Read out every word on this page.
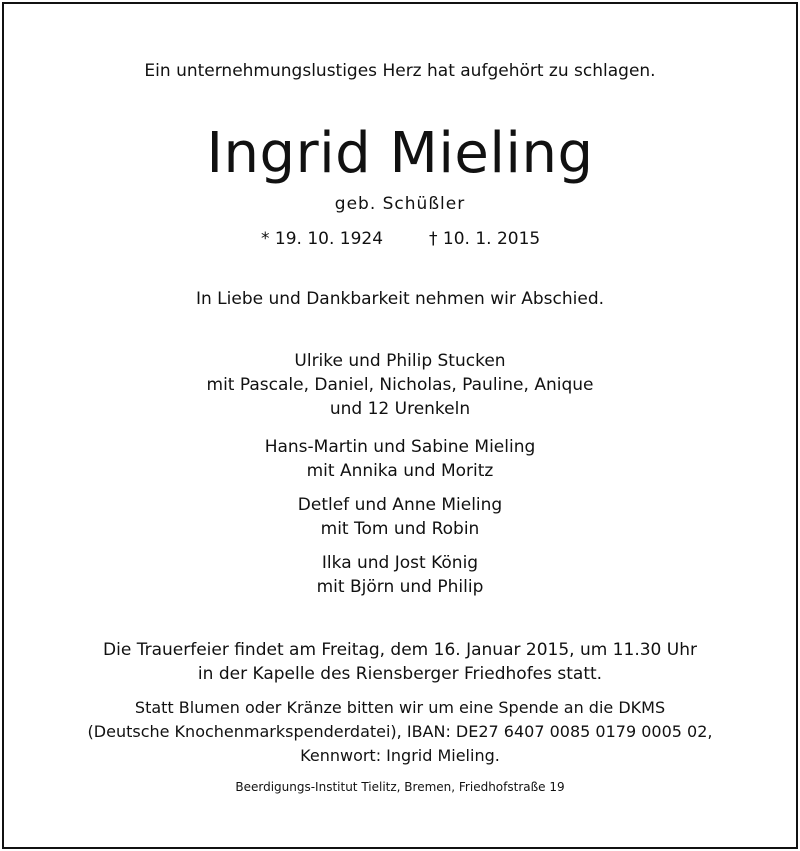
Ein unternehmungslustiges Herz hat aufgehört zu schlagen.
Ingrid Mieling
geb. Schüßler
* 19. 10. 1924	† 10. 1. 2015
In Liebe und Dankbarkeit nehmen wir Abschied.
Ulrike und Philip Stucken
mit Pascale, Daniel, Nicholas, Pauline, Anique
und 12 Urenkeln
Hans-Martin und Sabine Mieling
mit Annika und Moritz
Detlef und Anne Mieling
mit Tom und Robin
Ilka und Jost König
mit Björn und Philip
Die Trauerfeier findet am Freitag, dem 16. Januar 2015, um 11.30 Uhr
in der Kapelle des Riensberger Friedhofes statt.
Statt Blumen oder Kränze bitten wir um eine Spende an die DKMS
(Deutsche Knochenmarkspenderdatei), IBAN: DE27 6407 0085 0179 0005 02,
Kennwort: Ingrid Mieling.
Beerdigungs-Institut Tielitz, Bremen, Friedhofstraße 19
